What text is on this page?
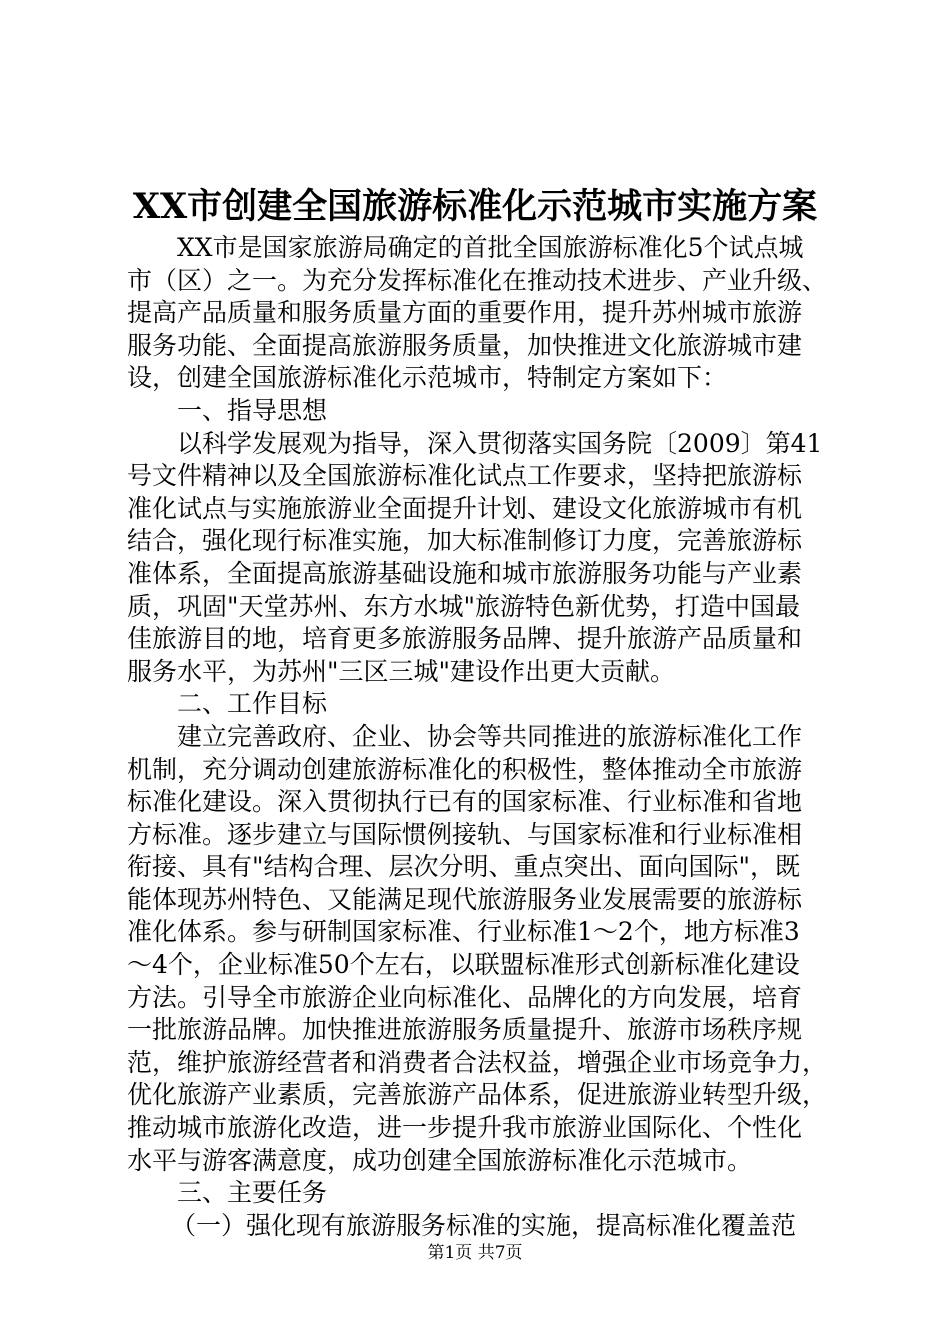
XX市创建全国旅游标准化示范城市实施方案
XX市是国家旅游局确定的首批全国旅游标准化5个试点城
市（区）之一。为充分发挥标准化在推动技术进步、产业升级、
提高产品质量和服务质量方面的重要作用，提升苏州城市旅游
服务功能、全面提高旅游服务质量，加快推进文化旅游城市建
设，创建全国旅游标准化示范城市，特制定方案如下：
一、指导思想
以科学发展观为指导，深入贯彻落实国务院〔2009〕第41
号文件精神以及全国旅游标准化试点工作要求，坚持把旅游标
准化试点与实施旅游业全面提升计划、建设文化旅游城市有机
结合，强化现行标准实施，加大标准制修订力度，完善旅游标
准体系，全面提高旅游基础设施和城市旅游服务功能与产业素
质，巩固"天堂苏州、东方水城"旅游特色新优势，打造中国最
佳旅游目的地，培育更多旅游服务品牌、提升旅游产品质量和
服务水平，为苏州"三区三城"建设作出更大贡献。
二、工作目标
建立完善政府、企业、协会等共同推进的旅游标准化工作
机制，充分调动创建旅游标准化的积极性，整体推动全市旅游
标准化建设。深入贯彻执行已有的国家标准、行业标准和省地
方标准。逐步建立与国际惯例接轨、与国家标准和行业标准相
衔接、具有"结构合理、层次分明、重点突出、面向国际"，既
能体现苏州特色、又能满足现代旅游服务业发展需要的旅游标
准化体系。参与研制国家标准、行业标准1～2个，地方标准3
～4个，企业标准50个左右，以联盟标准形式创新标准化建设
方法。引导全市旅游企业向标准化、品牌化的方向发展，培育
一批旅游品牌。加快推进旅游服务质量提升、旅游市场秩序规
范，维护旅游经营者和消费者合法权益，增强企业市场竞争力，
优化旅游产业素质，完善旅游产品体系，促进旅游业转型升级，
推动城市旅游化改造，进一步提升我市旅游业国际化、个性化
水平与游客满意度，成功创建全国旅游标准化示范城市。
三、主要任务
（一）强化现有旅游服务标准的实施，提高标准化覆盖范
第1页 共7页
